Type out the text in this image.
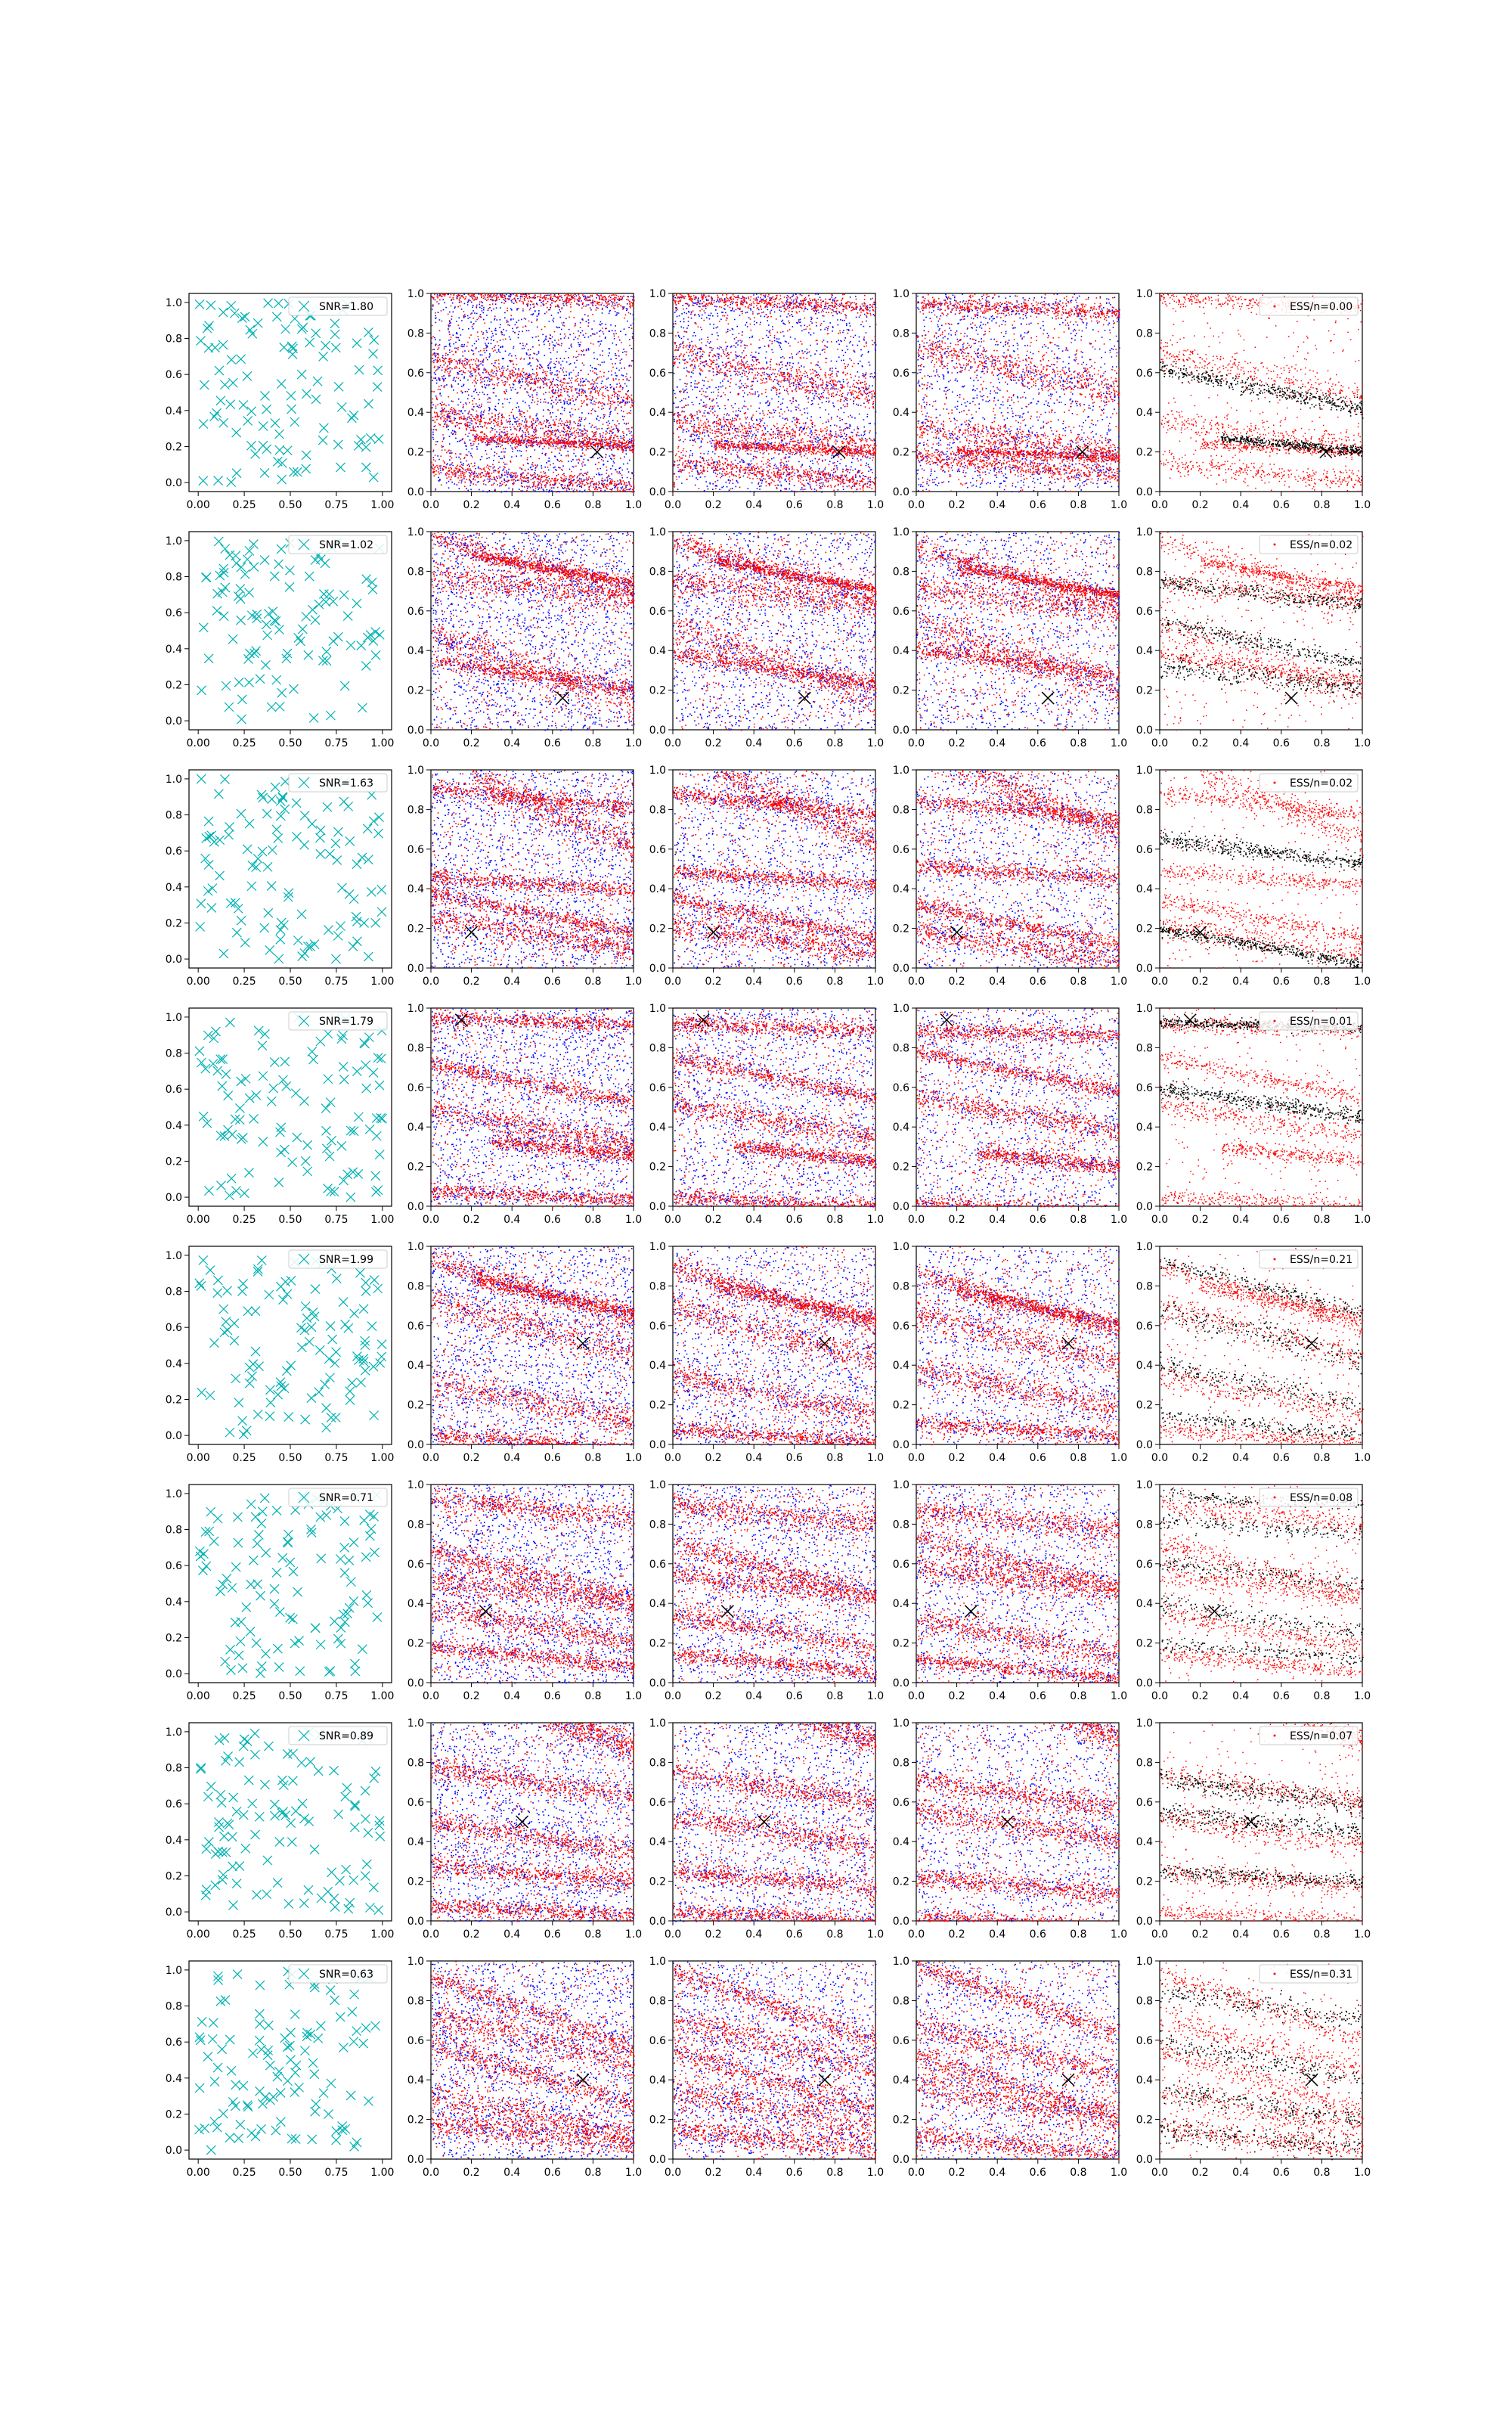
0.00 0.25 0.50 0.75 1.00
0.0
0.2
0.4
0.6
0.8
1.0	SNR=1.80
0.0 0.2 0.4 0.6 0.8 1.0
0.0
0.2
0.4
0.6
0.8
1.0
0.0 0.2 0.4 0.6 0.8 1.0
0.0
0.2
0.4
0.6
0.8
1.0
0.0 0.2 0.4 0.6 0.8 1.0
0.0
0.2
0.4
0.6
0.8
1.0
0.0 0.2 0.4 0.6 0.8 1.0
0.0
0.2
0.4
0.6
0.8
1.0
ESS/n=0.00
0.00 0.25 0.50 0.75 1.00
0.0
0.2
0.4
0.6
0.8
1.0	SNR=1.02
0.0 0.2 0.4 0.6 0.8 1.0
0.0
0.2
0.4
0.6
0.8
1.0
0.0 0.2 0.4 0.6 0.8 1.0
0.0
0.2
0.4
0.6
0.8
1.0
0.0 0.2 0.4 0.6 0.8 1.0
0.0
0.2
0.4
0.6
0.8
1.0
0.0 0.2 0.4 0.6 0.8 1.0
0.0
0.2
0.4
0.6
0.8
1.0
ESS/n=0.02
0.00 0.25 0.50 0.75 1.00
0.0
0.2
0.4
0.6
0.8
1.0	SNR=1.63
0.0 0.2 0.4 0.6 0.8 1.0
0.0
0.2
0.4
0.6
0.8
1.0
0.0 0.2 0.4 0.6 0.8 1.0
0.0
0.2
0.4
0.6
0.8
1.0
0.0 0.2 0.4 0.6 0.8 1.0
0.0
0.2
0.4
0.6
0.8
1.0
0.0 0.2 0.4 0.6 0.8 1.0
0.0
0.2
0.4
0.6
0.8
1.0
ESS/n=0.02
0.00 0.25 0.50 0.75 1.00
0.0
0.2
0.4
0.6
0.8
1.0	SNR=1.79
0.0 0.2 0.4 0.6 0.8 1.0
0.0
0.2
0.4
0.6
0.8
1.0
0.0 0.2 0.4 0.6 0.8 1.0
0.0
0.2
0.4
0.6
0.8
1.0
0.0 0.2 0.4 0.6 0.8 1.0
0.0
0.2
0.4
0.6
0.8
1.0
0.0 0.2 0.4 0.6 0.8 1.0
0.0
0.2
0.4
0.6
0.8
1.0
ESS/n=0.01
0.00 0.25 0.50 0.75 1.00
0.0
0.2
0.4
0.6
0.8
1.0	SNR=1.99
0.0 0.2 0.4 0.6 0.8 1.0
0.0
0.2
0.4
0.6
0.8
1.0
0.0 0.2 0.4 0.6 0.8 1.0
0.0
0.2
0.4
0.6
0.8
1.0
0.0 0.2 0.4 0.6 0.8 1.0
0.0
0.2
0.4
0.6
0.8
1.0
0.0 0.2 0.4 0.6 0.8 1.0
0.0
0.2
0.4
0.6
0.8
1.0
ESS/n=0.21
0.00 0.25 0.50 0.75 1.00
0.0
0.2
0.4
0.6
0.8
1.0	SNR=0.71
0.0 0.2 0.4 0.6 0.8 1.0
0.0
0.2
0.4
0.6
0.8
1.0
0.0 0.2 0.4 0.6 0.8 1.0
0.0
0.2
0.4
0.6
0.8
1.0
0.0 0.2 0.4 0.6 0.8 1.0
0.0
0.2
0.4
0.6
0.8
1.0
0.0 0.2 0.4 0.6 0.8 1.0
0.0
0.2
0.4
0.6
0.8
1.0
ESS/n=0.08
0.00 0.25 0.50 0.75 1.00
0.0
0.2
0.4
0.6
0.8
1.0	SNR=0.89
0.0 0.2 0.4 0.6 0.8 1.0
0.0
0.2
0.4
0.6
0.8
1.0
0.0 0.2 0.4 0.6 0.8 1.0
0.0
0.2
0.4
0.6
0.8
1.0
0.0 0.2 0.4 0.6 0.8 1.0
0.0
0.2
0.4
0.6
0.8
1.0
0.0 0.2 0.4 0.6 0.8 1.0
0.0
0.2
0.4
0.6
0.8
1.0
ESS/n=0.07
0.00 0.25 0.50 0.75 1.00
0.0
0.2
0.4
0.6
0.8
1.0	SNR=0.63
0.0 0.2 0.4 0.6 0.8 1.0
0.0
0.2
0.4
0.6
0.8
1.0
0.0 0.2 0.4 0.6 0.8 1.0
0.0
0.2
0.4
0.6
0.8
1.0
0.0 0.2 0.4 0.6 0.8 1.0
0.0
0.2
0.4
0.6
0.8
1.0
0.0 0.2 0.4 0.6 0.8 1.0
0.0
0.2
0.4
0.6
0.8
1.0
ESS/n=0.31
